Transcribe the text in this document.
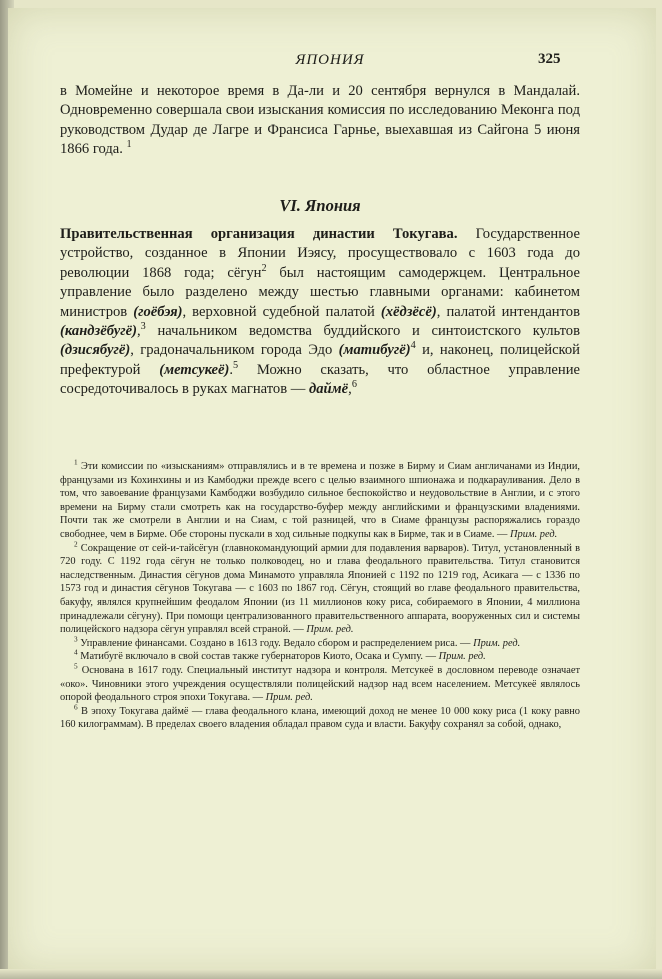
ЯПОНИЯ	325
в Момейне и некоторое время в Да-ли и 20 сентября вернулся в Мандалай. Одновременно совершала свои изыскания комиссия по исследованию Меконга под руководством Дудар де Лагре и Франсиса Гарнье, выехавшая из Сайгона 5 июня 1866 года. $^1$
VI. Япония
Правительственная организация династии Токугава. Государственное устройство, созданное в Японии Иэясу, просуществовало с 1603 года до революции 1868 года; сёгун$^2$ был настоящим самодержцем. Центральное управление было разделено между шестью главными органами: кабинетом министров (гоёбэя), верховной судебной палатой (хёдзёсё), палатой интендантов (кандзёбугё),$^3$ начальником ведомства буддийского и синтоистского культов (дзисябугё), градоначальником города Эдо (матибугё)$^4$ и, наконец, полицейской префектурой (метсукеё).$^5$ Можно сказать, что областное управление сосредоточивалось в руках магнатов — даймё,$^6$

$^1$ Эти комиссии по «изысканиям» отправлялись и в те времена и позже в Бирму и Сиам англичанами из Индии, французами из Кохинхины и из Камбоджи прежде всего с целью взаимного шпионажа и подкарауливания. Дело в том, что завоевание французами Камбоджи возбудило сильное беспокойство и неудовольствие в Англии, и с этого времени на Бирму стали смотреть как на государство-буфер между английскими и французскими владениями. Почти так же смотрели в Англии и на Сиам, с той разницей, что в Сиаме французы распоряжались гораздо свободнее, чем в Бирме. Обе стороны пускали в ход сильные подкупы как в Бирме, так и в Сиаме. — Прим. ред.

$^2$ Сокращение от сей-и-тайсёгун (главнокомандующий армии для подавления варваров). Титул, установленный в 720 году. С 1192 года сёгун не только полководец, но и глава феодального правительства. Титул становится наследственным. Династия сёгунов дома Минамото управляла Японией с 1192 по 1219 год, Асикага — с 1336 по 1573 год и династия сёгунов Токугава — с 1603 по 1867 год. Сёгун, стоящий во главе феодального правительства, бакуфу, являлся крупнейшим феодалом Японии (из 11 миллионов коку риса, собираемого в Японии, 4 миллиона принадлежали сёгуну). При помощи централизованного правительственного аппарата, вооруженных сил и системы полицейского надзора сёгун управлял всей страной. — Прим. ред.

$^3$ Управление финансами. Создано в 1613 году. Ведало сбором и распределением риса. — Прим. ред.

$^4$ Матибугё включало в свой состав также губернаторов Киото, Осака и Сумпу. — Прим. ред.

$^5$ Основана в 1617 году. Специальный институт надзора и контроля. Метсукеё в дословном переводе означает «око». Чиновники этого учреждения осуществляли полицейский надзор над всем населением. Метсукеё являлось опорой феодального строя эпохи Токугава. — Прим. ред.

$^6$ В эпоху Токугава даймё — глава феодального клана, имеющий доход не менее 10 000 коку риса (1 коку равно 160 килограммам). В пределах своего владения обладал правом суда и власти. Бакуфу сохранял за собой, однако,
